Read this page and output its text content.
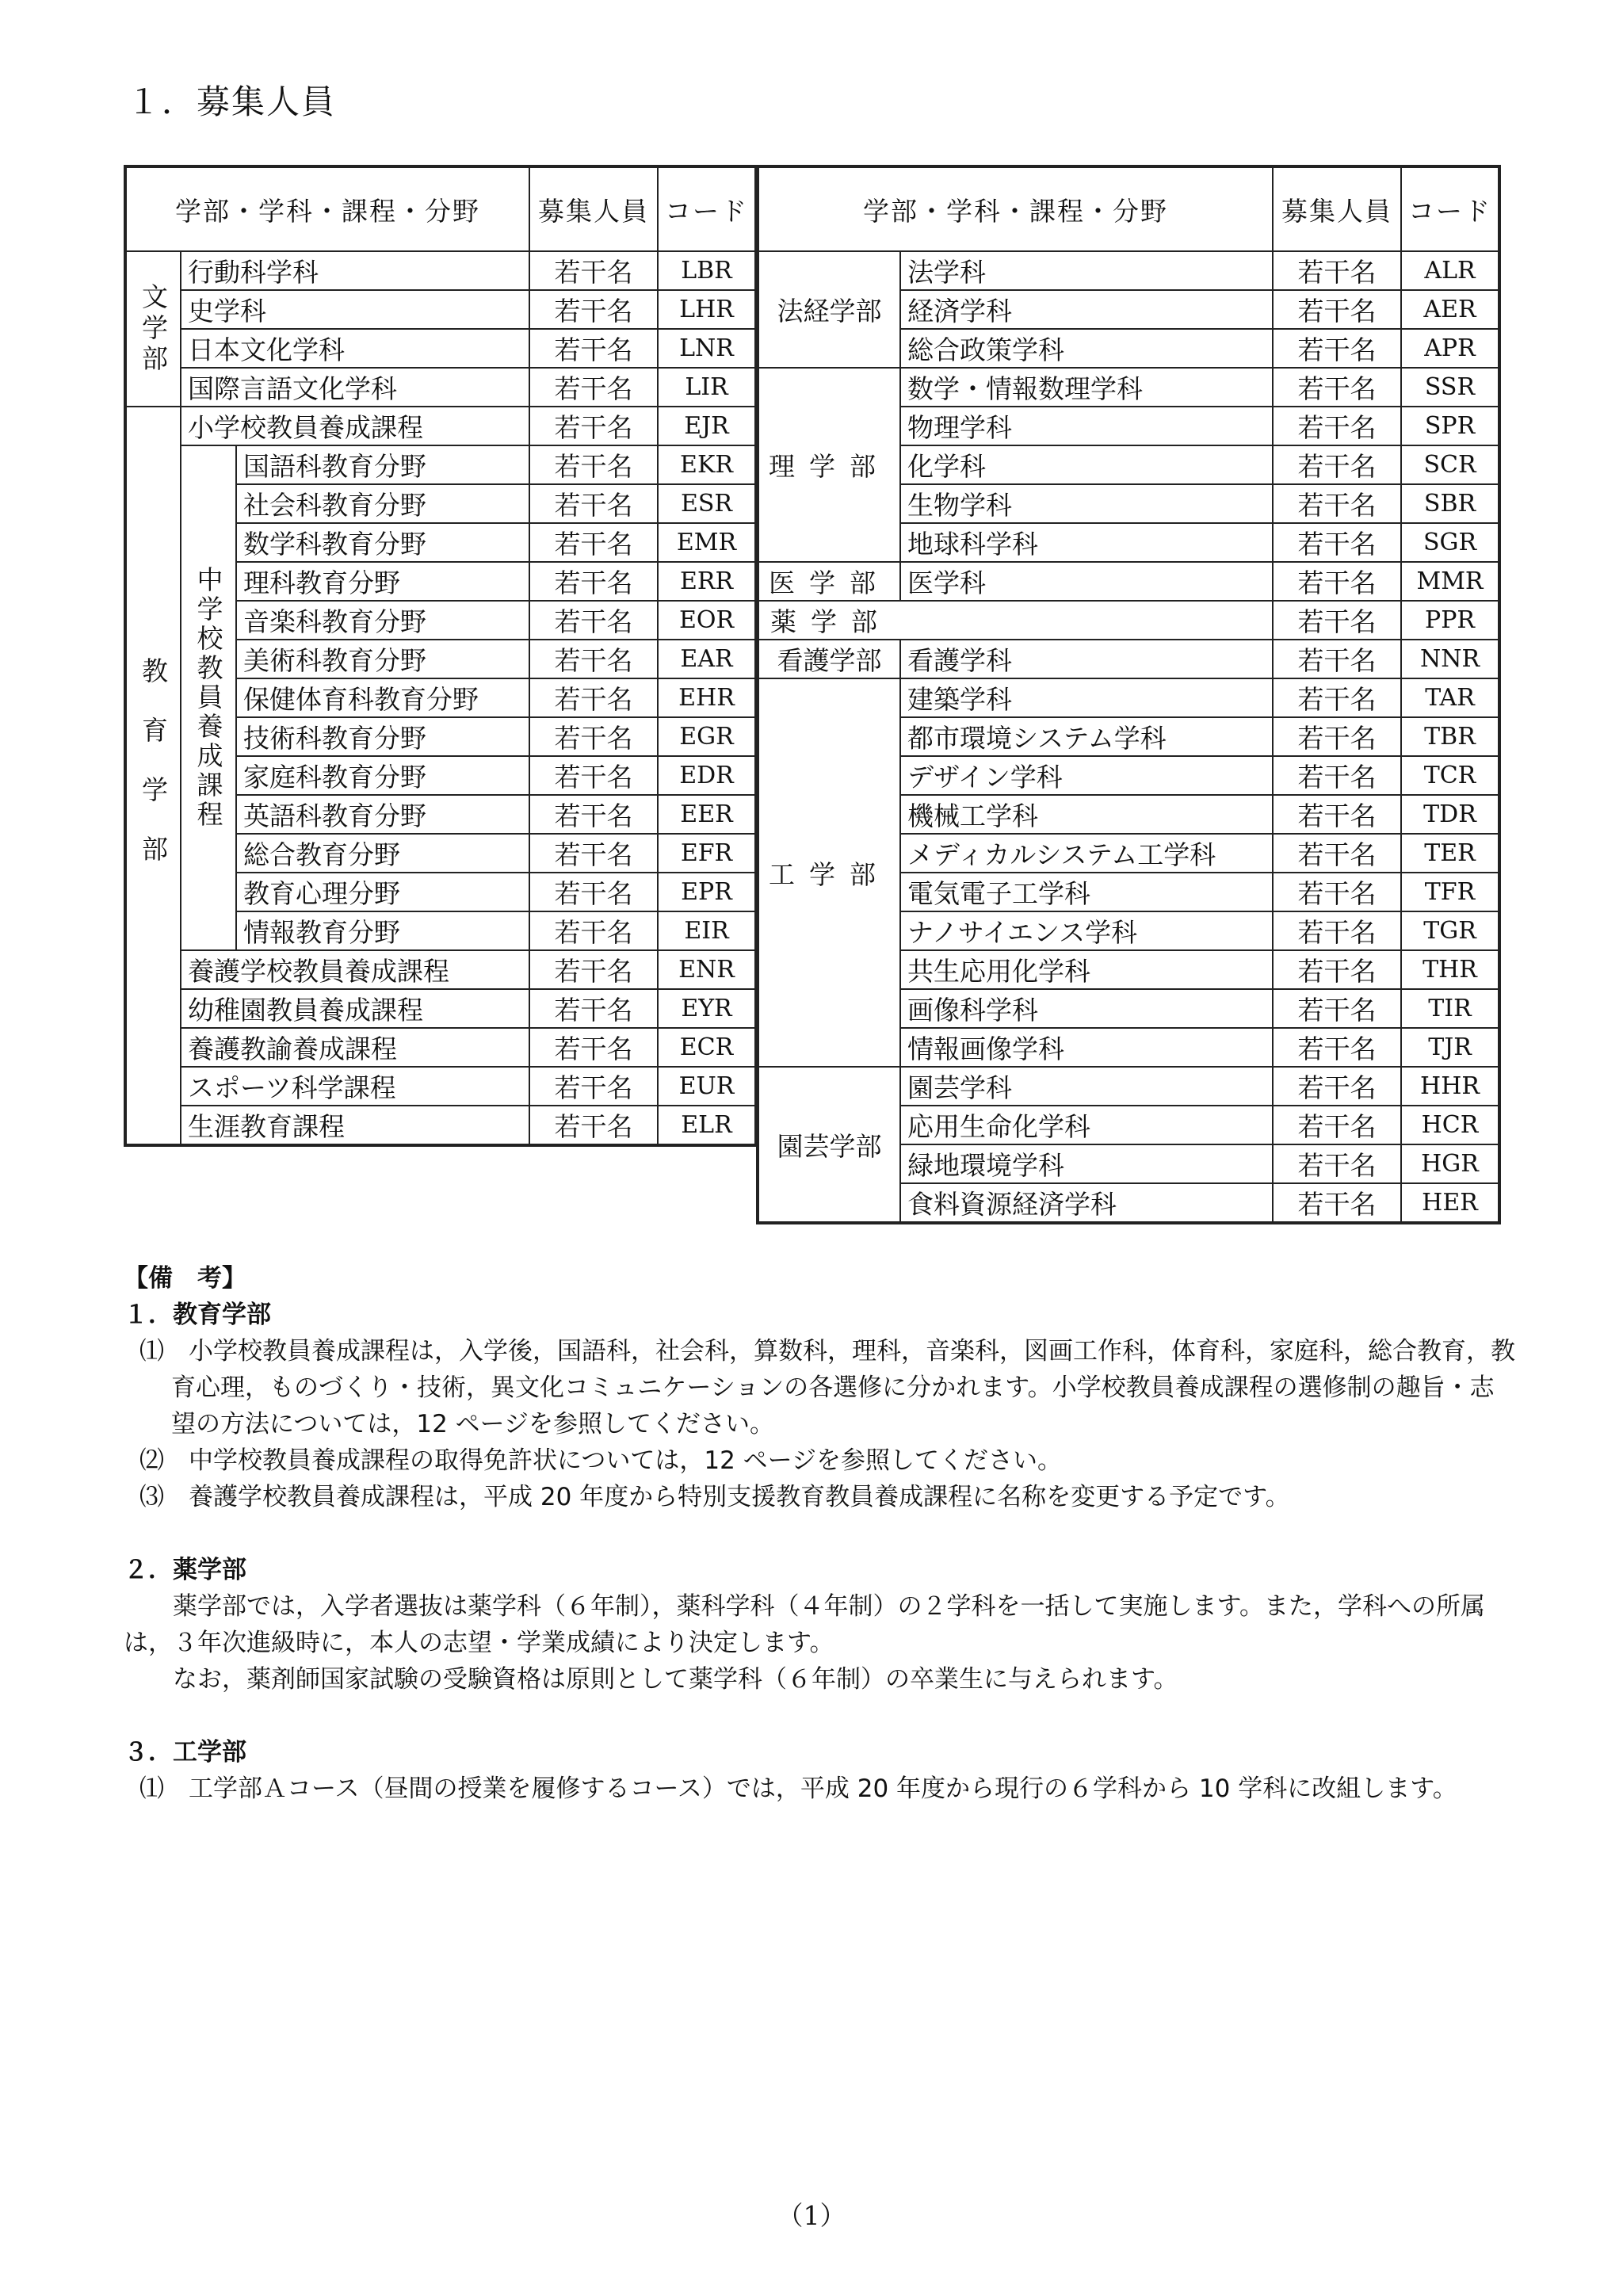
１．募集人員
学部・学科・課程・分野			募集人員	コード
文学部	行動科学科		若干名	LBR
	史学科		若干名	LHR
	日本文化学科		若干名	LNR
	国際言語文化学科		若干名	LIR
教育学部	小学校教員養成課程		若干名	EJR
	中学校教員養成課程	国語科教育分野	若干名	EKR
		社会科教育分野	若干名	ESR
		数学科教育分野	若干名	EMR
		理科教育分野	若干名	ERR
		音楽科教育分野	若干名	EOR
		美術科教育分野	若干名	EAR
		保健体育科教育分野	若干名	EHR
		技術科教育分野	若干名	EGR
		家庭科教育分野	若干名	EDR
		英語科教育分野	若干名	EER
		総合教育分野	若干名	EFR
		教育心理分野	若干名	EPR
		情報教育分野	若干名	EIR
	養護学校教員養成課程		若干名	ENR
	幼稚園教員養成課程		若干名	EYR
	養護教諭養成課程		若干名	ECR
	スポーツ科学課程		若干名	EUR
	生涯教育課程		若干名	ELR
学部・学科・課程・分野		募集人員	コード
法経学部	法学科	若干名	ALR
	経済学科	若干名	AER
	総合政策学科	若干名	APR
理学部	数学・情報数理学科	若干名	SSR
	物理学科	若干名	SPR
	化学科	若干名	SCR
	生物学科	若干名	SBR
	地球科学科	若干名	SGR
医学部	医学科	若干名	MMR
薬学部		若干名	PPR
看護学部	看護学科	若干名	NNR
工学部	建築学科	若干名	TAR
	都市環境システム学科	若干名	TBR
	デザイン学科	若干名	TCR
	機械工学科	若干名	TDR
	メディカルシステム工学科	若干名	TER
	電気電子工学科	若干名	TFR
	ナノサイエンス学科	若干名	TGR
	共生応用化学科	若干名	THR
	画像科学科	若干名	TIR
	情報画像学科	若干名	TJR
園芸学部	園芸学科	若干名	HHR
	応用生命化学科	若干名	HCR
	緑地環境学科	若干名	HGR
	食料資源経済学科	若干名	HER

【備　考】

１．教育学部

⑴　小学校教員養成課程は，入学後，国語科，社会科，算数科，理科，音楽科，図画工作科，体育科，家庭科，総合教育，教育心理，ものづくり・技術，異文化コミュニケーションの各選修に分かれます。小学校教員養成課程の選修制の趣旨・志望の方法については，12 ページを参照してください。

⑵　中学校教員養成課程の取得免許状については，12 ページを参照してください。

⑶　養護学校教員養成課程は，平成 20 年度から特別支援教育教員養成課程に名称を変更する予定です。

２．薬学部

薬学部では，入学者選抜は薬学科（６年制），薬科学科（４年制）の２学科を一括して実施します。また，学科への所属は，３年次進級時に，本人の志望・学業成績により決定します。

なお，薬剤師国家試験の受験資格は原則として薬学科（６年制）の卒業生に与えられます。

３．工学部

⑴　工学部Ａコース（昼間の授業を履修するコース）では，平成 20 年度から現行の６学科から 10 学科に改組します。

（1）
